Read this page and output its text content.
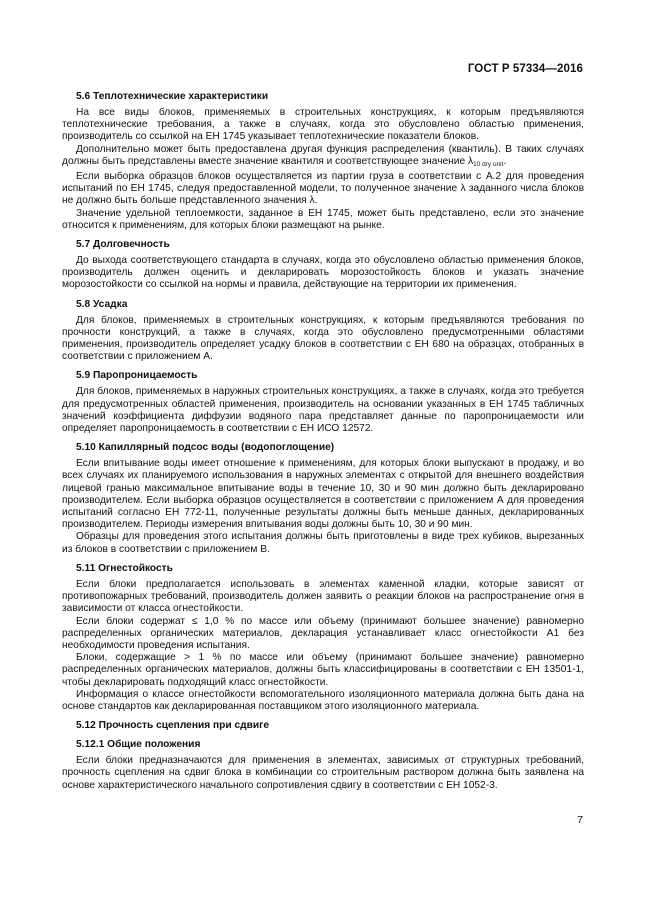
ГОСТ Р 57334—2016
5.6 Теплотехнические характеристики

На все виды блоков, применяемых в строительных конструкциях, к которым предъявляются теплотехнические требования, а также в случаях, когда это обусловлено областью применения, производитель со ссылкой на ЕН 1745 указывает теплотехнические показатели блоков.

Дополнительно может быть предоставлена другая функция распределения (квантиль). В таких случаях должны быть представлены вместе значение квантиля и соответствующее значение $\lambda_{10 dry unit}$.

Если выборка образцов блоков осуществляется из партии груза в соответствии с А.2 для проведения испытаний по ЕН 1745, следуя предоставленной модели, то полученное значение λ заданного числа блоков не должно быть больше представленного значения λ.

Значение удельной теплоемкости, заданное в ЕН 1745, может быть представлено, если это значение относится к применениям, для которых блоки размещают на рынке.

5.7 Долговечность

До выхода соответствующего стандарта в случаях, когда это обусловлено областью применения блоков, производитель должен оценить и декларировать морозостойкость блоков и указать значение морозостойкости со ссылкой на нормы и правила, действующие на территории их применения.

5.8 Усадка

Для блоков, применяемых в строительных конструкциях, к которым предъявляются требования по прочности конструкций, а также в случаях, когда это обусловлено предусмотренными областями применения, производитель определяет усадку блоков в соответствии с ЕН 680 на образцах, отобранных в соответствии с приложением А.

5.9 Паропроницаемость

Для блоков, применяемых в наружных строительных конструкциях, а также в случаях, когда это требуется для предусмотренных областей применения, производитель на основании указанных в ЕН 1745 табличных значений коэффициента диффузии водяного пара представляет данные по паропроницаемости или определяет паропроницаемость в соответствии с ЕН ИСО 12572.

5.10 Капиллярный подсос воды (водопоглощение)

Если впитывание воды имеет отношение к применениям, для которых блоки выпускают в продажу, и во всех случаях их планируемого использования в наружных элементах с открытой для внешнего воздействия лицевой гранью максимальное впитывание воды в течение 10, 30 и 90 мин должно быть декларировано производителем. Если выборка образцов осуществляется в соответствии с приложением А для проведения испытаний согласно ЕН 772-11, полученные результаты должны быть меньше данных, декларированных производителем. Периоды измерения впитывания воды должны быть 10, 30 и 90 мин.

Образцы для проведения этого испытания должны быть приготовлены в виде трех кубиков, вырезанных из блоков в соответствии с приложением В.

5.11 Огнестойкость

Если блоки предполагается использовать в элементах каменной кладки, которые зависят от противопожарных требований, производитель должен заявить о реакции блоков на распространение огня в зависимости от класса огнестойкости.

Если блоки содержат ≤ 1,0 % по массе или объему (принимают большее значение) равномерно распределенных органических материалов, декларация устанавливает класс огнестойкости А1 без необходимости проведения испытания.

Блоки, содержащие > 1 % по массе или объему (принимают большее значение) равномерно распределенных органических материалов, должны быть классифицированы в соответствии с ЕН 13501-1, чтобы декларировать подходящий класс огнестойкости.

Информация о классе огнестойкости вспомогательного изоляционного материала должна быть дана на основе стандартов как декларированная поставщиком этого изоляционного материала.

5.12 Прочность сцепления при сдвиге
5.12.1 Общие положения

Если блоки предназначаются для применения в элементах, зависимых от структурных требований, прочность сцепления на сдвиг блока в комбинации со строительным раствором должна быть заявлена на основе характеристического начального сопротивления сдвигу в соответствии с ЕН 1052-3.

7
